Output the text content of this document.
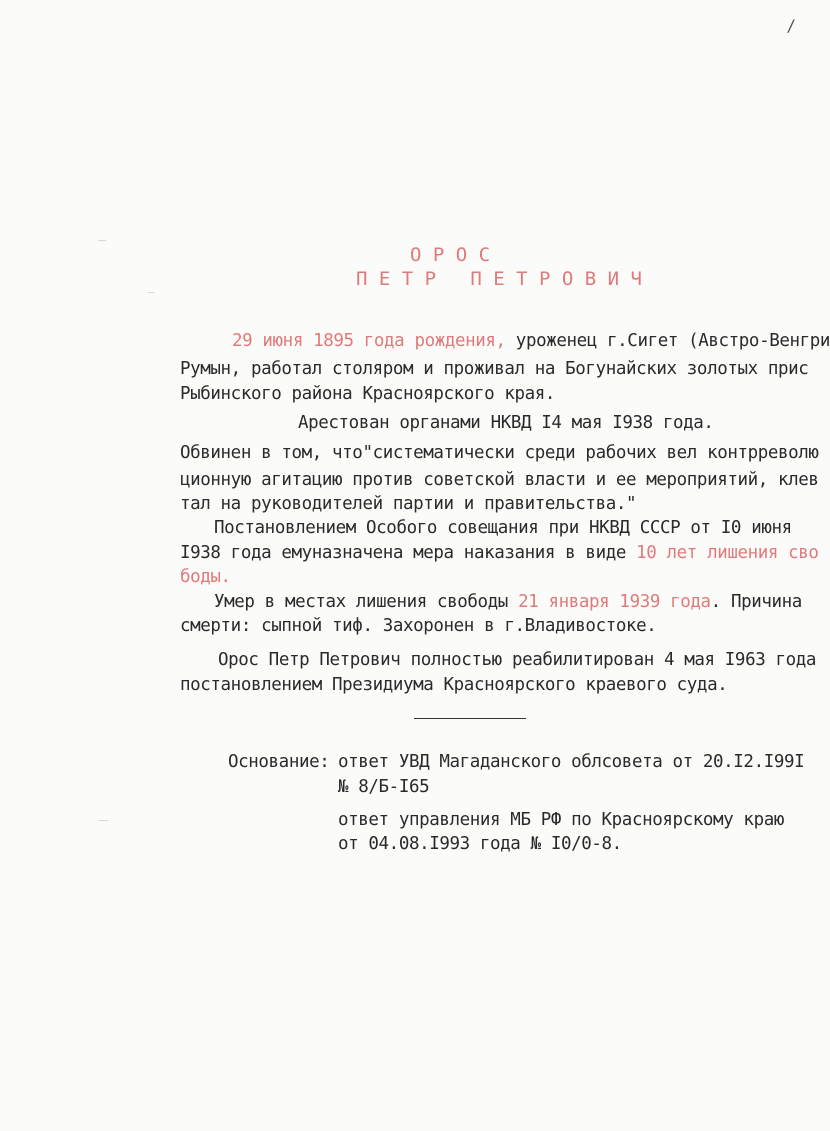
/
О Р О С
П Е Т Р   П Е Т Р О В И Ч
29 июня 1895 года рождения, уроженец г.Сигет (Австро-Венгри
Румын, работал столяром и проживал на Богунайских золотых прис
Рыбинского района Красноярского края.
Арестован органами НКВД I4 мая I938 года.
Обвинен в том, что"систематически среди рабочих вел контрреволю
ционную агитацию против советской власти и ее мероприятий, клев
тал на руководителей партии и правительства."
Постановлением Особого совещания при НКВД СССР от I0 июня
I938 года емуназначена мера наказания в виде 10 лет лишения сво
боды.
Умер в местах лишения свободы 21 января 1939 года. Причина
смерти: сыпной тиф. Захоронен в г.Владивостоке.
Орос Петр Петрович полностью реабилитирован 4 мая I963 года
постановлением Президиума Красноярского краевого суда.
Основание: ответ УВД Магаданского облсовета от 20.I2.I99I
№ 8/Б-I65
ответ управления МБ РФ по Красноярскому краю
от 04.08.I993 года № I0/0-8.
